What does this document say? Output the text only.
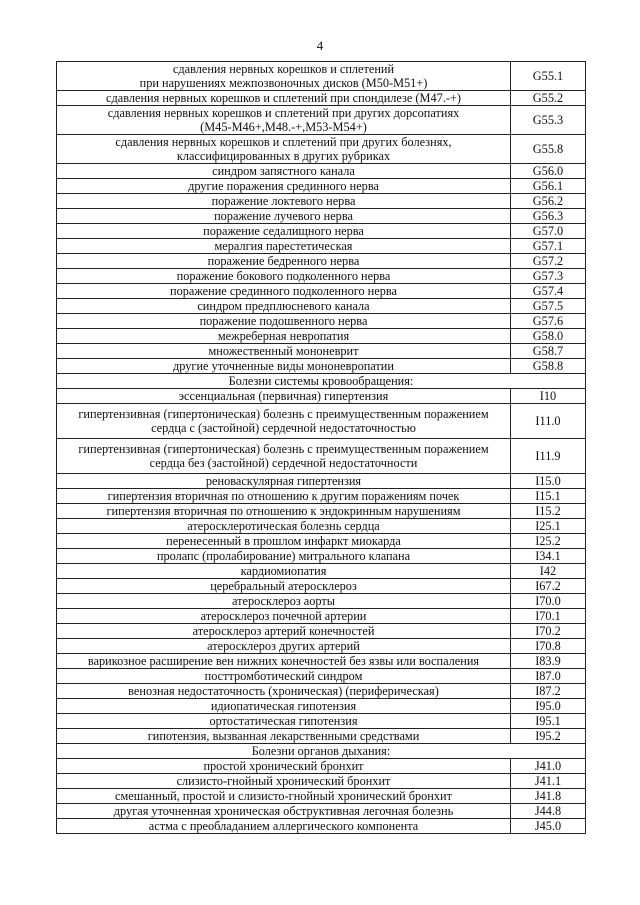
4
сдавления нервных корешков и сплетений
при нарушениях межпозвоночных дисков (M50-M51+)	G55.1

сдавления нервных корешков и сплетений при спондилезе (M47.-+)	G55.2

сдавления нервных корешков и сплетений при других дорсопатиях
(M45-M46+,M48.-+,M53-M54+)	G55.3

сдавления нервных корешков и сплетений при других болезнях,
классифицированных в других рубриках	G55.8

синдром запястного канала	G56.0

другие поражения срединного нерва	G56.1

поражение локтевого нерва	G56.2

поражение лучевого нерва	G56.3

поражение седалищного нерва	G57.0

мералгия парестетическая	G57.1

поражение бедренного нерва	G57.2

поражение бокового подколенного нерва	G57.3

поражение срединного подколенного нерва	G57.4

синдром предплюсневого канала	G57.5

поражение подошвенного нерва	G57.6

межреберная невропатия	G58.0

множественный мононеврит	G58.7

другие уточненные виды мононевропатии	G58.8
Болезни системы кровообращения:	

эссенциальная (первичная) гипертензия	I10

гипертензивная (гипертоническая) болезнь с преимущественным поражением
сердца с (застойной) сердечной недостаточностью	I11.0

гипертензивная (гипертоническая) болезнь с преимущественным поражением
сердца без (застойной) сердечной недостаточности	I11.9

реноваскулярная гипертензия	I15.0

гипертензия вторичная по отношению к другим поражениям почек	I15.1

гипертензия вторичная по отношению к эндокринным нарушениям	I15.2

атеросклеротическая болезнь сердца	I25.1

перенесенный в прошлом инфаркт миокарда	I25.2

пролапс (пролабирование) митрального клапана	I34.1

кардиомиопатия	I42

церебральный атеросклероз	I67.2

атеросклероз аорты	I70.0

атеросклероз почечной артерии	I70.1

атеросклероз артерий конечностей	I70.2

атеросклероз других артерий	I70.8

варикозное расширение вен нижних конечностей без язвы или воспаления	I83.9

посттромботический синдром	I87.0

венозная недостаточность (хроническая) (периферическая)	I87.2

идиопатическая гипотензия	I95.0

ортостатическая гипотензия	I95.1

гипотензия, вызванная лекарственными средствами	I95.2
Болезни органов дыхания:	

простой хронический бронхит	J41.0

слизисто-гнойный хронический бронхит	J41.1

смешанный, простой и слизисто-гнойный хронический бронхит	J41.8

другая уточненная хроническая обструктивная легочная болезнь	J44.8

астма с преобладанием аллергического компонента	J45.0
